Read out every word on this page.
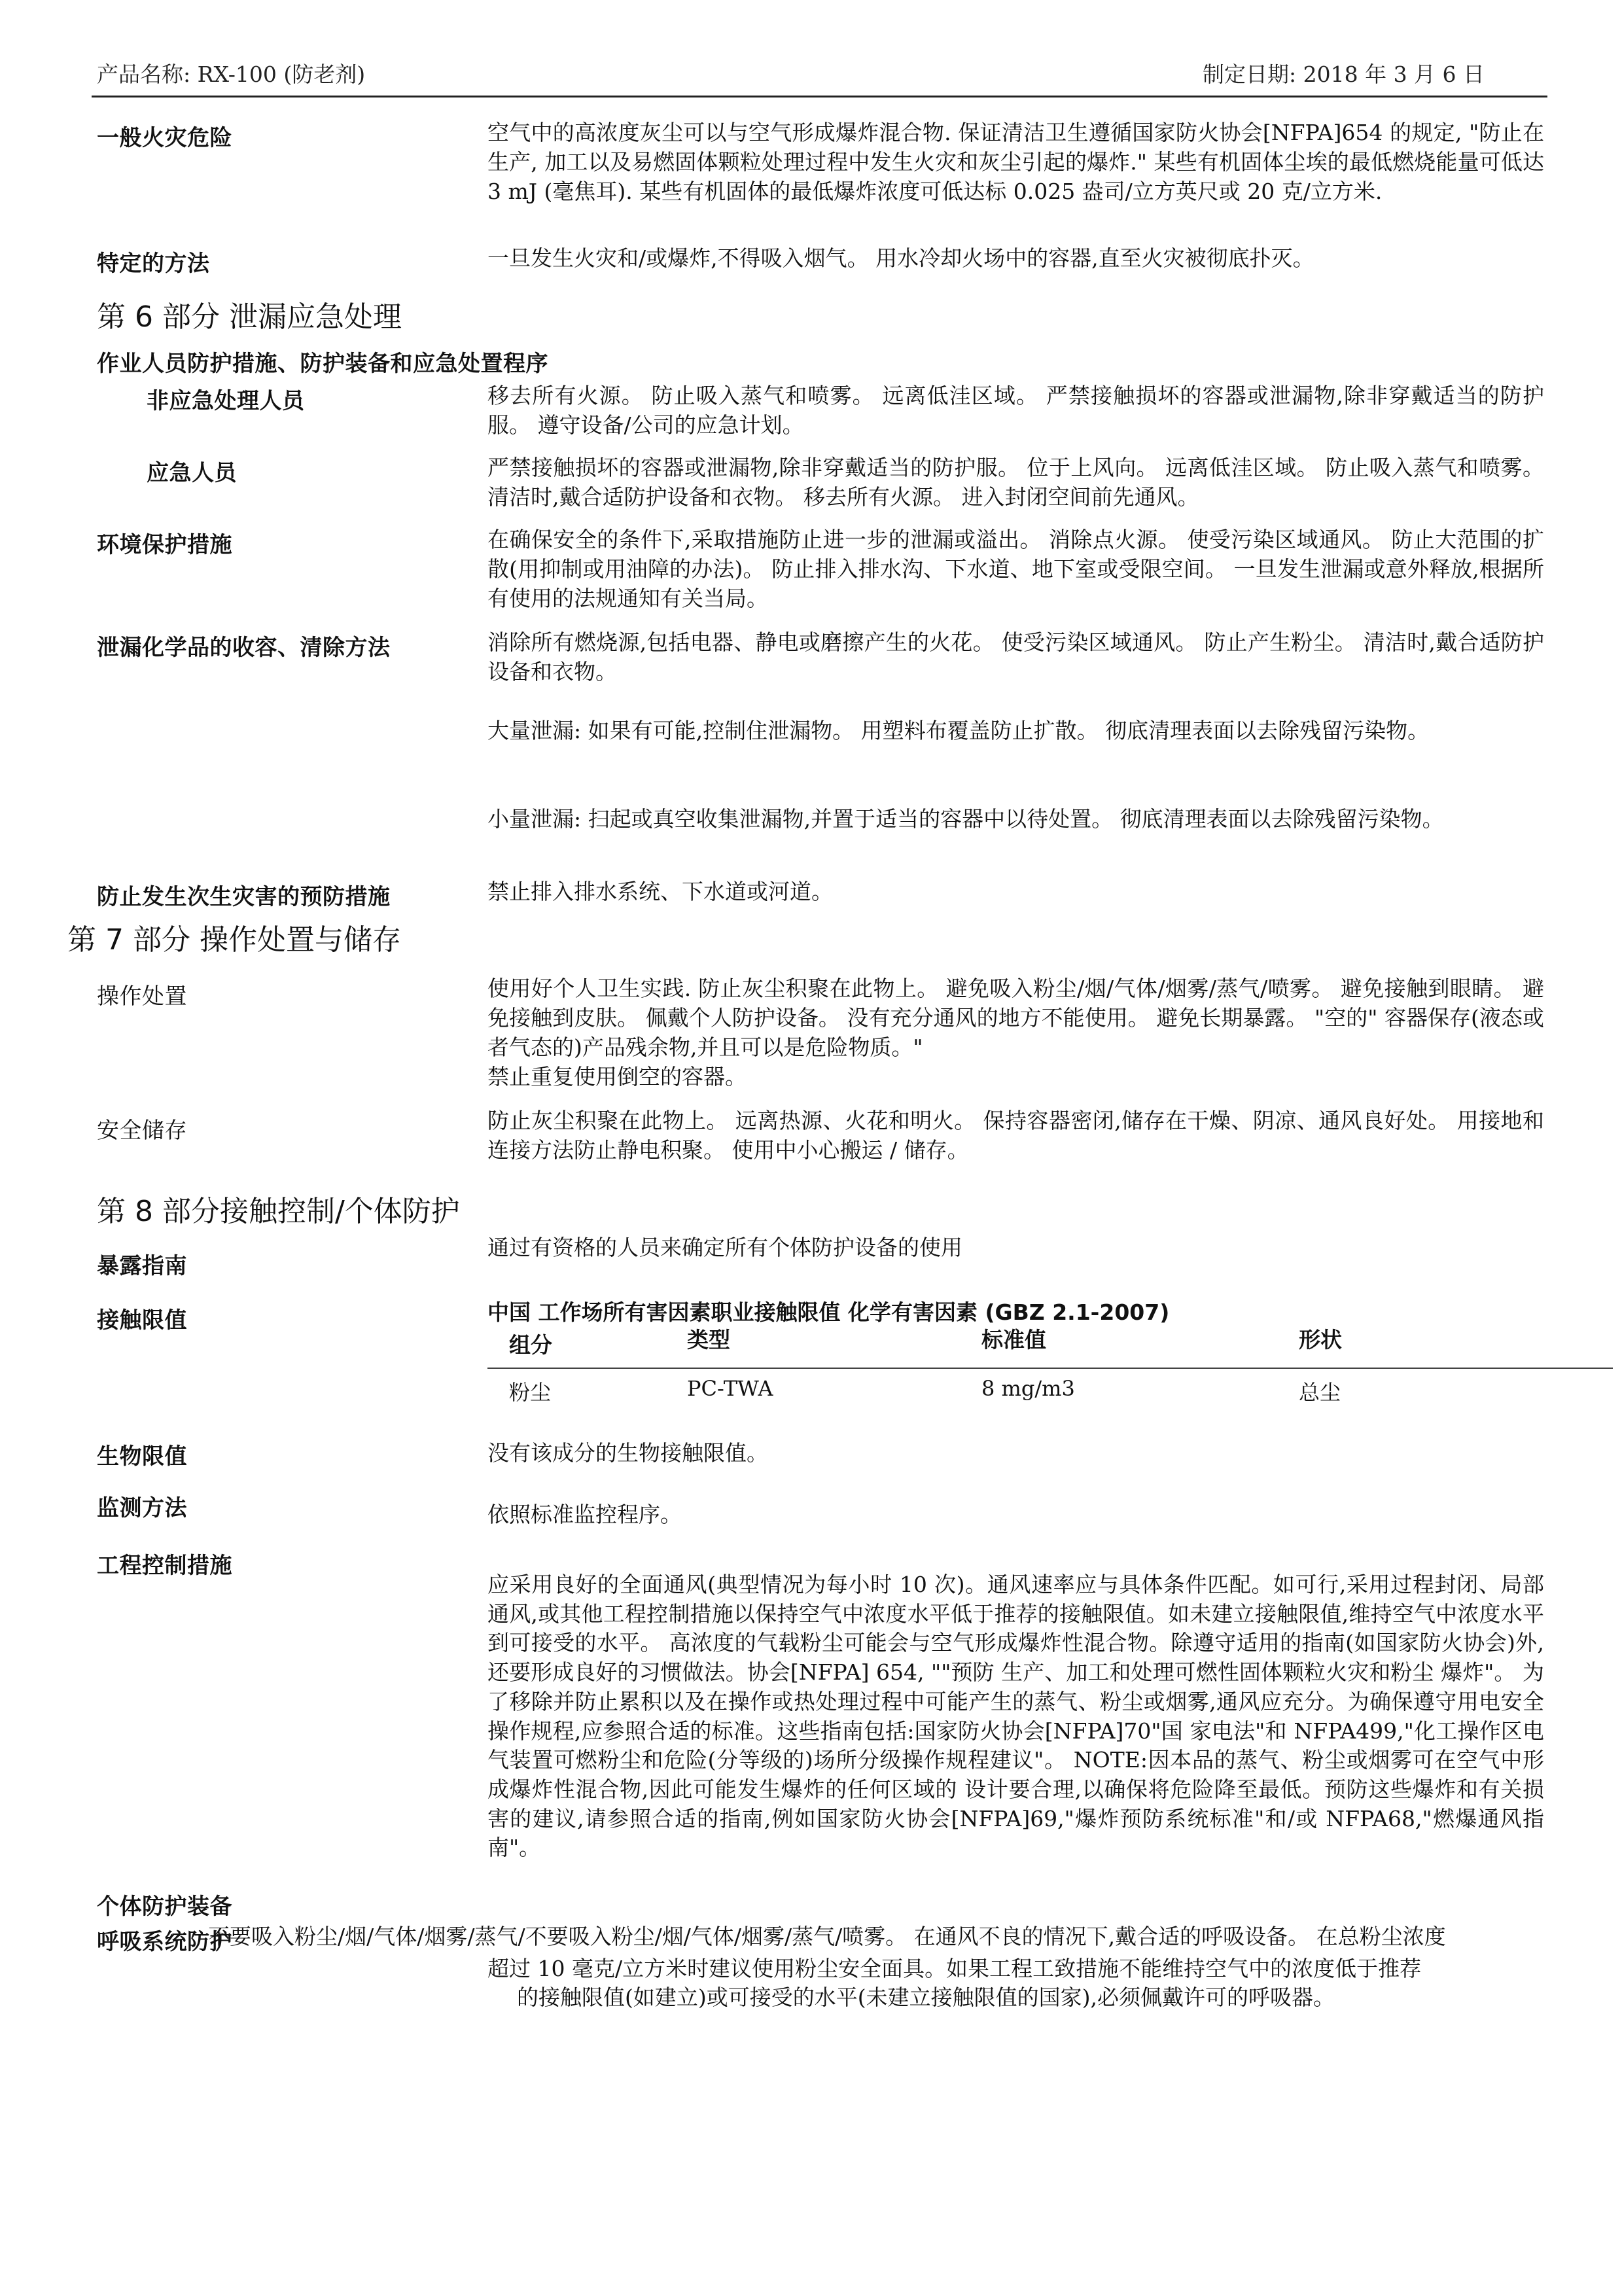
产品名称: RX-100 (防老剂)	制定日期: 2018 年 3 月 6 日
一般火灾危险	空气中的高浓度灰尘可以与空气形成爆炸混合物. 保证清洁卫生遵循国家防火协会[NFPA]654 的规定, "防止在生产, 加工以及易燃固体颗粒处理过程中发生火灾和灰尘引起的爆炸." 某些有机固体尘埃的最低燃烧能量可低达 3 mJ (毫焦耳). 某些有机固体的最低爆炸浓度可低达标 0.025 盎司/立方英尺或 20 克/立方米.
特定的方法	一旦发生火灾和/或爆炸,不得吸入烟气。 用水冷却火场中的容器,直至火灾被彻底扑灭。
第 6 部分 泄漏应急处理
作业人员防护措施、防护装备和应急处置程序
非应急处理人员	移去所有火源。 防止吸入蒸气和喷雾。 远离低洼区域。 严禁接触损坏的容器或泄漏物,除非穿戴适当的防护服。 遵守设备/公司的应急计划。
应急人员	严禁接触损坏的容器或泄漏物,除非穿戴适当的防护服。 位于上风向。 远离低洼区域。 防止吸入蒸气和喷雾。 清洁时,戴合适防护设备和衣物。 移去所有火源。 进入封闭空间前先通风。
环境保护措施	在确保安全的条件下,采取措施防止进一步的泄漏或溢出。 消除点火源。 使受污染区域通风。 防止大范围的扩散(用抑制或用油障的办法)。 防止排入排水沟、下水道、地下室或受限空间。 一旦发生泄漏或意外释放,根据所有使用的法规通知有关当局。
泄漏化学品的收容、清除方法	消除所有燃烧源,包括电器、静电或磨擦产生的火花。 使受污染区域通风。 防止产生粉尘。 清洁时,戴合适防护设备和衣物。
大量泄漏: 如果有可能,控制住泄漏物。 用塑料布覆盖防止扩散。 彻底清理表面以去除残留污染物。
小量泄漏: 扫起或真空收集泄漏物,并置于适当的容器中以待处置。 彻底清理表面以去除残留污染物。
防止发生次生灾害的预防措施	禁止排入排水系统、下水道或河道。
第 7 部分 操作处置与储存
操作处置	使用好个人卫生实践. 防止灰尘积聚在此物上。 避免吸入粉尘/烟/气体/烟雾/蒸气/喷雾。 避免接触到眼睛。 避免接触到皮肤。 佩戴个人防护设备。 没有充分通风的地方不能使用。 避免长期暴露。 "空的" 容器保存(液态或者气态的)产品残余物,并且可以是危险物质。"
禁止重复使用倒空的容器。
安全储存	防止灰尘积聚在此物上。 远离热源、火花和明火。 保持容器密闭,储存在干燥、阴凉、通风良好处。 用接地和连接方法防止静电积聚。 使用中小心搬运 / 储存。
第 8 部分接触控制/个体防护
暴露指南
通过有资格的人员来确定所有个体防护设备的使用
接触限值	中国 工作场所有害因素职业接触限值 化学有害因素 (GBZ 2.1-2007)
组分	类型	标准值	形状
粉尘	PC-TWA	8 mg/m3	总尘
生物限值	没有该成分的生物接触限值。
监测方法	依照标准监控程序。
工程控制措施
应采用良好的全面通风(典型情况为每小时 10 次)。通风速率应与具体条件匹配。如可行,采用过程封闭、局部通风,或其他工程控制措施以保持空气中浓度水平低于推荐的接触限值。如未建立接触限值,维持空气中浓度水平到可接受的水平。 高浓度的气载粉尘可能会与空气形成爆炸性混合物。除遵守适用的指南(如国家防火协会)外,还要形成良好的习惯做法。协会[NFPA] 654, ""预防 生产、加工和处理可燃性固体颗粒火灾和粉尘 爆炸"。 为了移除并防止累积以及在操作或热处理过程中可能产生的蒸气、粉尘或烟雾,通风应充分。为确保遵守用电安全操作规程,应参照合适的标准。这些指南包括:国家防火协会[NFPA]70"国 家电法"和 NFPA499,"化工操作区电气装置可燃粉尘和危险(分等级的)场所分级操作规程建议"。 NOTE:因本品的蒸气、粉尘或烟雾可在空气中形成爆炸性混合物,因此可能发生爆炸的任何区域的 设计要合理,以确保将危险降至最低。预防这些爆炸和有关损害的建议,请参照合适的指南,例如国家防火协会[NFPA]69,"爆炸预防系统标准"和/或 NFPA68,"燃爆通风指南"。
个体防护装备
呼吸系统防护
不要吸入粉尘/烟/气体/烟雾/蒸气/不要吸入粉尘/烟/气体/烟雾/蒸气/喷雾。 在通风不良的情况下,戴合适的呼吸设备。 在总粉尘浓度
超过 10 毫克/立方米时建议使用粉尘安全面具。如果工程工致措施不能维持空气中的浓度低于推荐
的接触限值(如建立)或可接受的水平(未建立接触限值的国家),必须佩戴许可的呼吸器。
